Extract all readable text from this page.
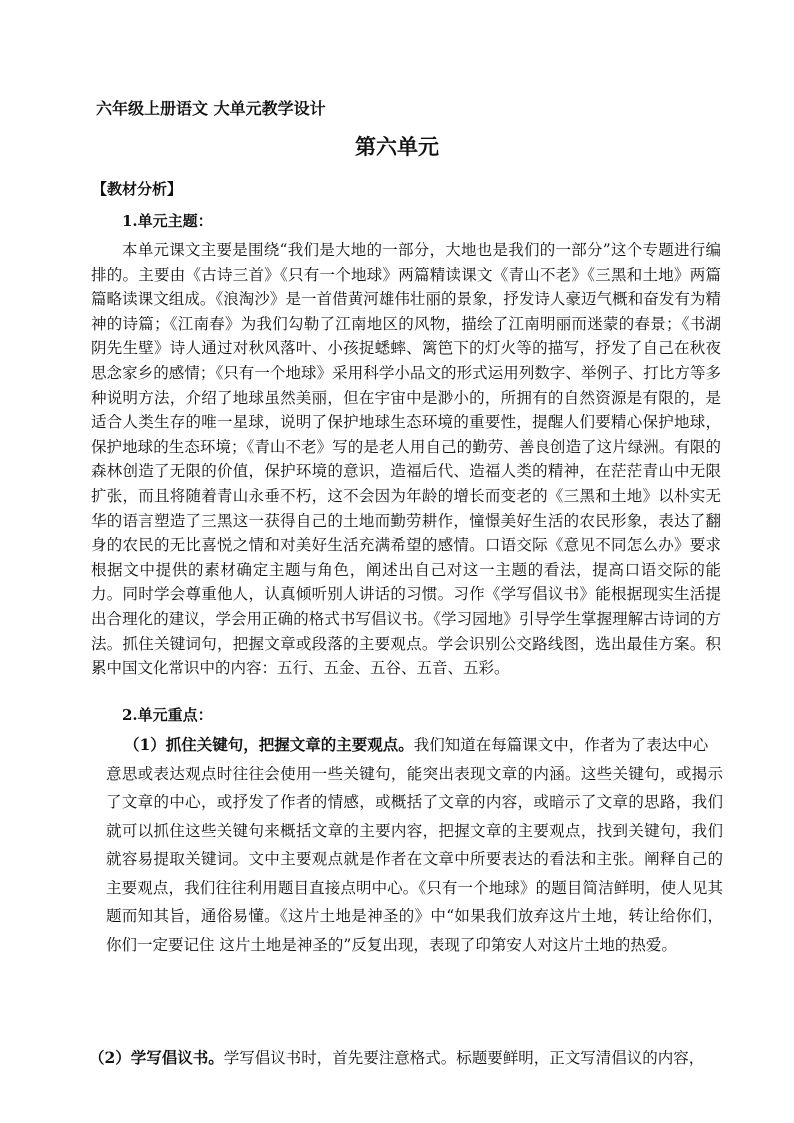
六年级上册语文 大单元教学设计
第六单元
【教材分析】
1.单元主题：
本单元课文主要是围绕“我们是大地的一部分，大地也是我们的一部分”这个专题进行编排的。主要由《古诗三首》《只有一个地球》两篇精读课文《青山不老》《三黑和土地》两篇篇略读课文组成。《浪淘沙》是一首借黄河雄伟壮丽的景象，抒发诗人豪迈气概和奋发有为精神的诗篇；《江南春》为我们勾勒了江南地区的风物，描绘了江南明丽而迷蒙的春景；《书湖阴先生壁》诗人通过对秋风落叶、小孩捉蟋蟀、篱笆下的灯火等的描写，抒发了自己在秋夜思念家乡的感情；《只有一个地球》采用科学小品文的形式运用列数字、举例子、打比方等多种说明方法，介绍了地球虽然美丽，但在宇宙中是渺小的，所拥有的自然资源是有限的，是适合人类生存的唯一星球，说明了保护地球生态环境的重要性，提醒人们要精心保护地球，保护地球的生态环境；《青山不老》写的是老人用自己的勤劳、善良创造了这片绿洲。有限的森林创造了无限的价值，保护环境的意识，造福后代、造福人类的精神，在茫茫青山中无限扩张，而且将随着青山永垂不朽，这不会因为年龄的增长而变老的《三黑和土地》以朴实无华的语言塑造了三黑这一获得自己的土地而勤劳耕作，憧憬美好生活的农民形象，表达了翻身的农民的无比喜悦之情和对美好生活充满希望的感情。口语交际《意见不同怎么办》要求根据文中提供的素材确定主题与角色，阐述出自己对这一主题的看法，提高口语交际的能力。同时学会尊重他人，认真倾听别人讲话的习惯。习作《学写倡议书》能根据现实生活提出合理化的建议，学会用正确的格式书写倡议书。《学习园地》引导学生掌握理解古诗词的方法。抓住关键词句，把握文章或段落的主要观点。学会识别公交路线图，选出最佳方案。积累中国文化常识中的内容：五行、五金、五谷、五音、五彩。
2.单元重点：
（1）抓住关键句，把握文章的主要观点。我们知道在每篇课文中，作者为了表达中心
意思或表达观点时往往会使用一些关键句，能突出表现文章的内涵。这些关键句，或揭示了文章的中心，或抒发了作者的情感，或概括了文章的内容，或暗示了文章的思路，我们就可以抓住这些关键句来概括文章的主要内容，把握文章的主要观点，找到关键句，我们就容易提取关键词。文中主要观点就是作者在文章中所要表达的看法和主张。阐释自己的主要观点，我们往往利用题目直接点明中心。《只有一个地球》的题目简洁鲜明，使人见其题而知其旨，通俗易懂。《这片土地是神圣的》中“如果我们放弃这片土地，转让给你们，你们一定要记住 这片土地是神圣的”反复出现，表现了印第安人对这片土地的热爱。
（2）学写倡议书。学写倡议书时，首先要注意格式。标题要鲜明，正文写清倡议的内容，
